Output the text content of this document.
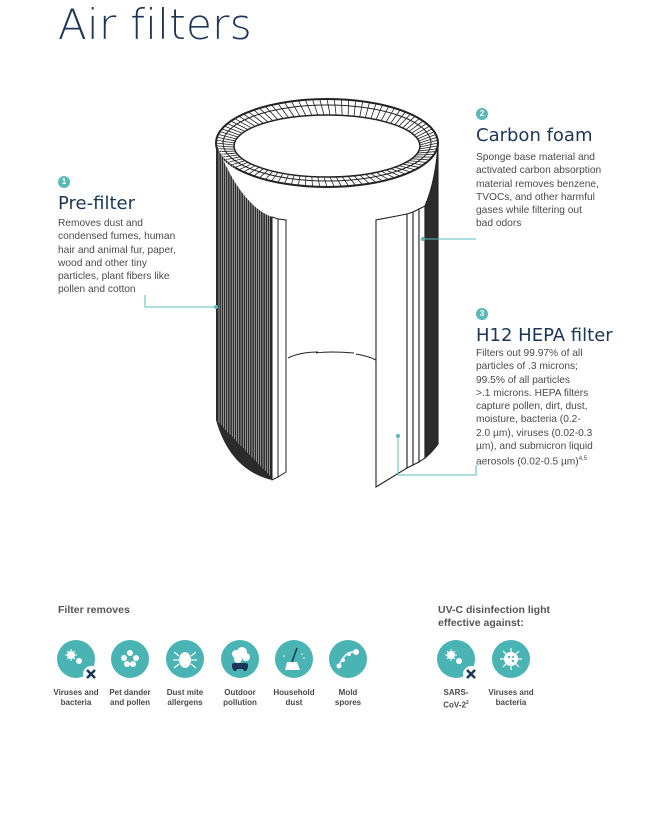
Air filters
1
Pre-filter
Removes dust and
condensed fumes, human
hair and animal fur, paper,
wood and other tiny
particles, plant fibers like
pollen and cotton
2
Carbon foam
Sponge base material and
activated carbon absorption
material removes benzene,
TVOCs, and other harmful
gases while filtering out
bad odors
3
H12 HEPA filter
Filters out 99.97% of all
particles of .3 microns;
99.5% of all particles
>.1 microns. HEPA filters
capture pollen, dirt, dust,
moisture, bacteria (0.2-
2.0 µm), viruses (0.02-0.3
µm), and submicron liquid
aerosols (0.02-0.5 µm)$^{4,5}$
Filter removes
Viruses and
bacteria
Pet dander
and pollen
Dust mite
allergens
Outdoor
pollution
Household
dust
Mold
spores
UV-C disinfection light
effective against:
SARS-
CoV-$2^2$
Viruses and
bacteria
